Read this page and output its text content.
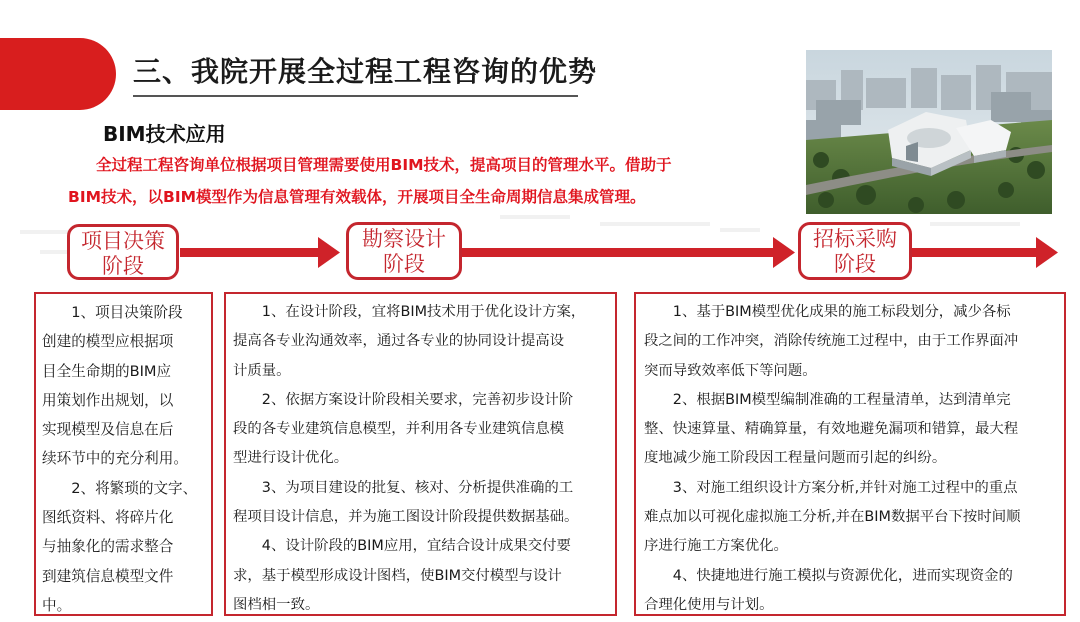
三、我院开展全过程工程咨询的优势
BIM技术应用
全过程工程咨询单位根据项目管理需要使用BIM技术，提高项目的管理水平。借助于
BIM技术，以BIM模型作为信息管理有效载体，开展项目全生命周期信息集成管理。
项目决策
阶段
勘察设计
阶段
招标采购
阶段

1、项目决策阶段

创建的模型应根据项

目全生命期的BIM应

用策划作出规划，以

实现模型及信息在后

续环节中的充分利用。

2、将繁琐的文字、

图纸资料、将碎片化

与抽象化的需求整合

到建筑信息模型文件

中。

1、在设计阶段，宜将BIM技术用于优化设计方案，

提高各专业沟通效率，通过各专业的协同设计提高设

计质量。

2、依据方案设计阶段相关要求，完善初步设计阶

段的各专业建筑信息模型，并利用各专业建筑信息模

型进行设计优化。

3、为项目建设的批复、核对、分析提供准确的工

程项目设计信息，并为施工图设计阶段提供数据基础。

4、设计阶段的BIM应用，宜结合设计成果交付要

求，基于模型形成设计图档，使BIM交付模型与设计

图档相一致。

1、基于BIM模型优化成果的施工标段划分，减少各标

段之间的工作冲突，消除传统施工过程中，由于工作界面冲

突而导致效率低下等问题。

2、根据BIM模型编制准确的工程量清单，达到清单完

整、快速算量、精确算量，有效地避免漏项和错算，最大程

度地减少施工阶段因工程量问题而引起的纠纷。

3、对施工组织设计方案分析,并针对施工过程中的重点

难点加以可视化虚拟施工分析,并在BIM数据平台下按时间顺

序进行施工方案优化。

4、快捷地进行施工模拟与资源优化，进而实现资金的

合理化使用与计划。
